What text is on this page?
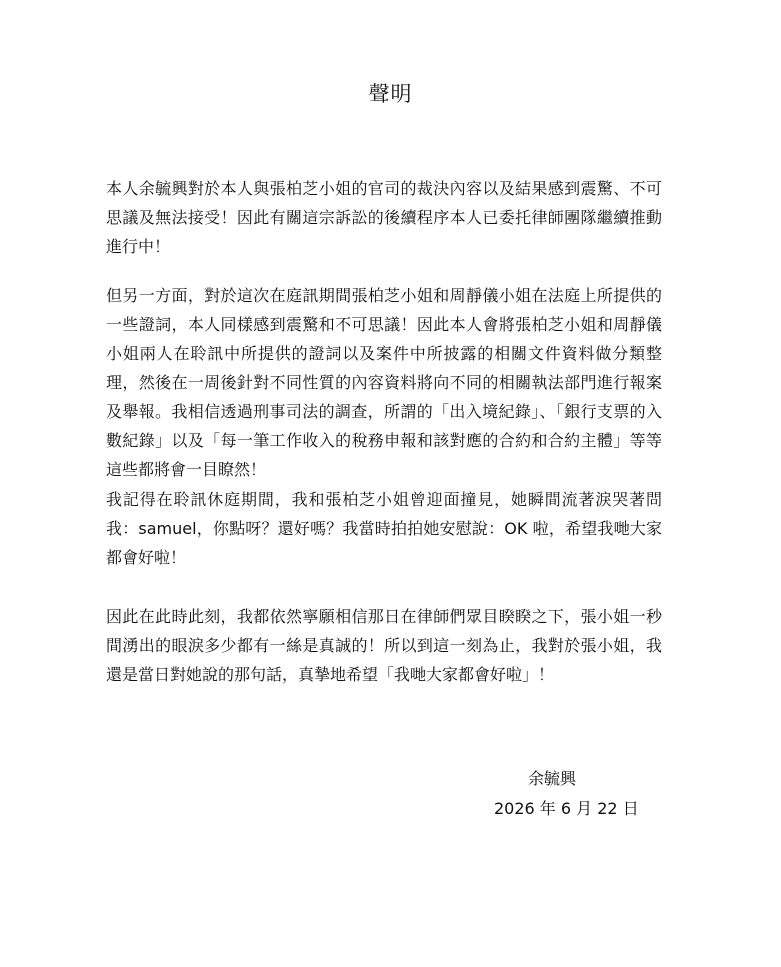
聲明

本人余毓興對於本人與張柏芝小姐的官司的裁決內容以及結果感到震驚、不可思議及無法接受！因此有關這宗訴訟的後續程序本人已委托律師團隊繼續推動進行中！

但另一方面，對於這次在庭訊期間張柏芝小姐和周靜儀小姐在法庭上所提供的一些證詞，本人同樣感到震驚和不可思議！因此本人會將張柏芝小姐和周靜儀小姐兩人在聆訊中所提供的證詞以及案件中所披露的相關文件資料做分類整理，然後在一周後針對不同性質的內容資料將向不同的相關執法部門進行報案及舉報。我相信透過刑事司法的調查，所謂的「出入境紀錄」、「銀行支票的入數紀錄」以及「每一筆工作收入的稅務申報和該對應的合約和合約主體」等等這些都將會一目瞭然！

我記得在聆訊休庭期間，我和張柏芝小姐曾迎面撞見，她瞬間流著淚哭著問我：samuel，你點呀？還好嗎？我當時拍拍她安慰說：OK 啦，希望我哋大家都會好啦！

因此在此時此刻，我都依然寧願相信那日在律師們眾目睽睽之下，張小姐一秒間湧出的眼淚多少都有一絲是真誠的！所以到這一刻為止，我對於張小姐，我還是當日對她說的那句話，真摯地希望「我哋大家都會好啦」！

余毓興
2026 年 6 月 22 日
